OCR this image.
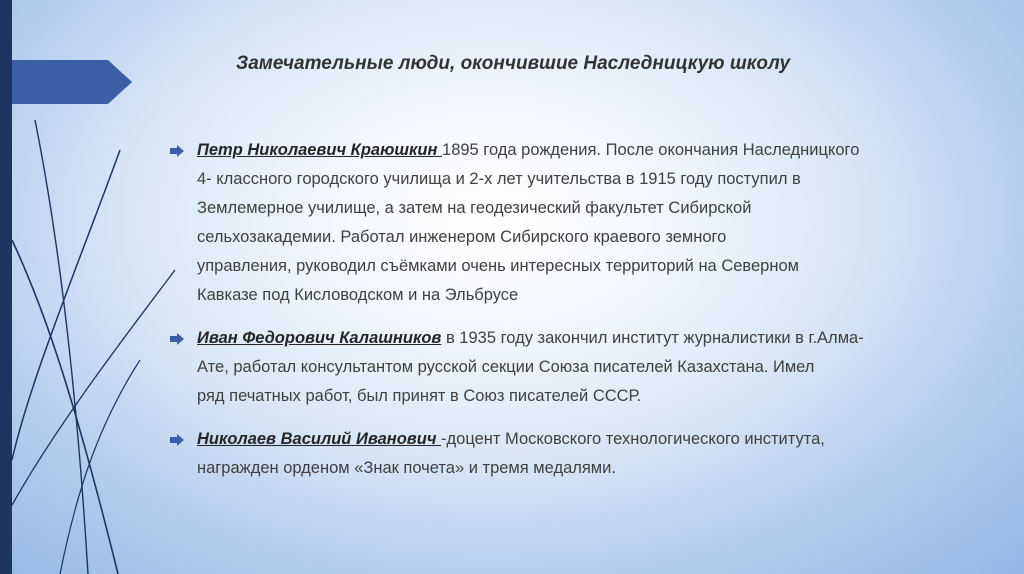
Замечательные люди, окончившие Наследницкую школу
Петр Николаевич Краюшкин 1895 года рождения. После окончания Наследницкого
4- классного городского училища и 2-х лет учительства в 1915 году поступил в
Землемерное училище, а затем на геодезический факультет Сибирской
сельхозакадемии. Работал инженером Сибирского краевого земного
управления, руководил съёмками очень интересных территорий на Северном
Кавказе под Кисловодском и на Эльбрусе
Иван Федорович Калашников в 1935 году закончил институт журналистики в г.Алма-
Ате, работал консультантом русской секции Союза писателей Казахстана. Имел
ряд печатных работ, был принят в Союз писателей СССР.
Николаев Василий Иванович -доцент Московского технологического института,
награжден орденом «Знак почета» и тремя медалями.
